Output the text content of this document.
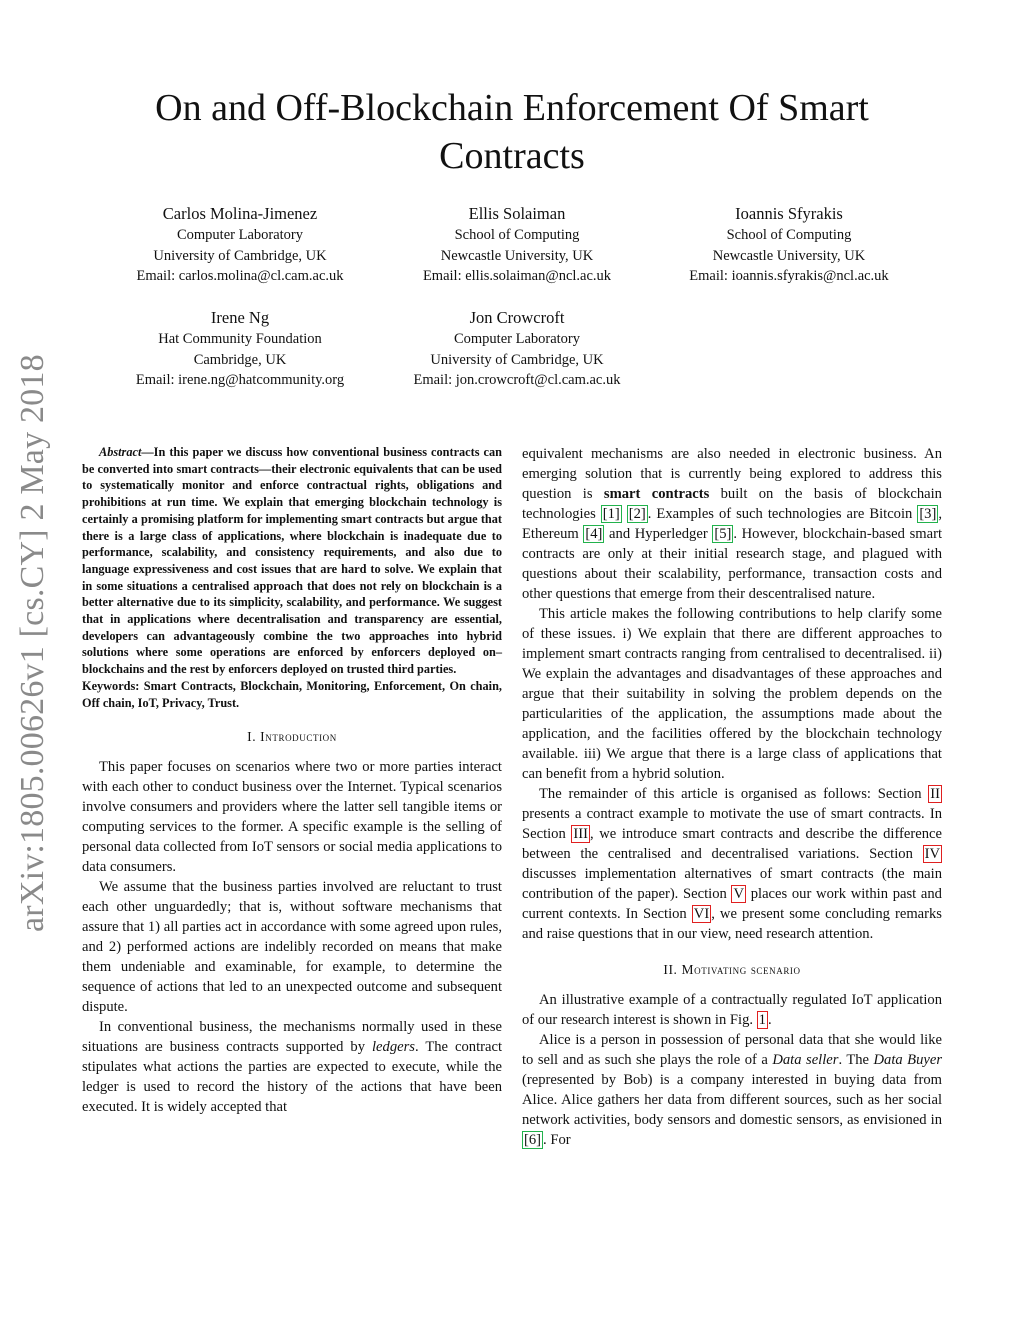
On and Off-Blockchain Enforcement Of Smart Contracts
Carlos Molina-Jimenez
Computer Laboratory
University of Cambridge, UK
Email: carlos.molina@cl.cam.ac.uk
Ellis Solaiman
School of Computing
Newcastle University, UK
Email: ellis.solaiman@ncl.ac.uk
Ioannis Sfyrakis
School of Computing
Newcastle University, UK
Email: ioannis.sfyrakis@ncl.ac.uk
Irene Ng
Hat Community Foundation
Cambridge, UK
Email: irene.ng@hatcommunity.org
Jon Crowcroft
Computer Laboratory
University of Cambridge, UK
Email: jon.crowcroft@cl.cam.ac.uk
arXiv:1805.00626v1 [cs.CY] 2 May 2018	Abstract—In this paper we discuss how conventional business contracts can be converted into smart contracts—their electronic equivalents that can be used to systematically monitor and enforce contractual rights, obligations and prohibitions at run time. We explain that emerging blockchain technology is certainly a promising platform for implementing smart contracts but argue that there is a large class of applications, where blockchain is inadequate due to performance, scalability, and consistency requirements, and also due to language expressiveness and cost issues that are hard to solve. We explain that in some situations a centralised approach that does not rely on blockchain is a better alternative due to its simplicity, scalability, and performance. We suggest that in applications where decentralisation and transparency are essential, developers can advantageously combine the two approaches into hybrid solutions where some operations are enforced by enforcers deployed on–blockchains and the rest by enforcers deployed on trusted third parties.

Keywords: Smart Contracts, Blockchain, Monitoring, Enforcement, On chain, Off chain, IoT, Privacy, Trust.

I. Introduction

This paper focuses on scenarios where two or more parties interact with each other to conduct business over the Internet. Typical scenarios involve consumers and providers where the latter sell tangible items or computing services to the former. A specific example is the selling of personal data collected from IoT sensors or social media applications to data consumers.

We assume that the business parties involved are reluctant to trust each other unguardedly; that is, without software mechanisms that assure that 1) all parties act in accordance with some agreed upon rules, and 2) performed actions are indelibly recorded on means that make them undeniable and examinable, for example, to determine the sequence of actions that led to an unexpected outcome and subsequent dispute.

In conventional business, the mechanisms normally used in these situations are business contracts supported by ledgers. The contract stipulates what actions the parties are expected to execute, while the ledger is used to record the history of the actions that have been executed. It is widely accepted that

equivalent mechanisms are also needed in electronic business. An emerging solution that is currently being explored to address this question is smart contracts built on the basis of blockchain technologies [1] [2] . Examples of such technologies are Bitcoin [3] , Ethereum [4] and Hyperledger [5] . However, blockchain-based smart contracts are only at their initial research stage, and plagued with questions about their scalability, performance, transaction costs and other questions that emerge from their descentralised nature.

This article makes the following contributions to help clarify some of these issues. i) We explain that there are different approaches to implement smart contracts ranging from centralised to decentralised. ii) We explain the advantages and disadvantages of these approaches and argue that their suitability in solving the problem depends on the particularities of the application, the assumptions made about the application, and the facilities offered by the blockchain technology available. iii) We argue that there is a large class of applications that can benefit from a hybrid solution.

The remainder of this article is organised as follows: Section II presents a contract example to motivate the use of smart contracts. In Section III , we introduce smart contracts and describe the difference between the centralised and decentralised variations. Section IV discusses implementation alternatives of smart contracts (the main contribution of the paper). Section V places our work within past and current contexts. In Section VI , we present some concluding remarks and raise questions that in our view, need research attention.

II. Motivating scenario

An illustrative example of a contractually regulated IoT application of our research interest is shown in Fig. 1 .

Alice is a person in possession of personal data that she would like to sell and as such she plays the role of a Data seller. The Data Buyer (represented by Bob) is a company interested in buying data from Alice. Alice gathers her data from different sources, such as her social network activities, body sensors and domestic sensors, as envisioned in [6] . For
